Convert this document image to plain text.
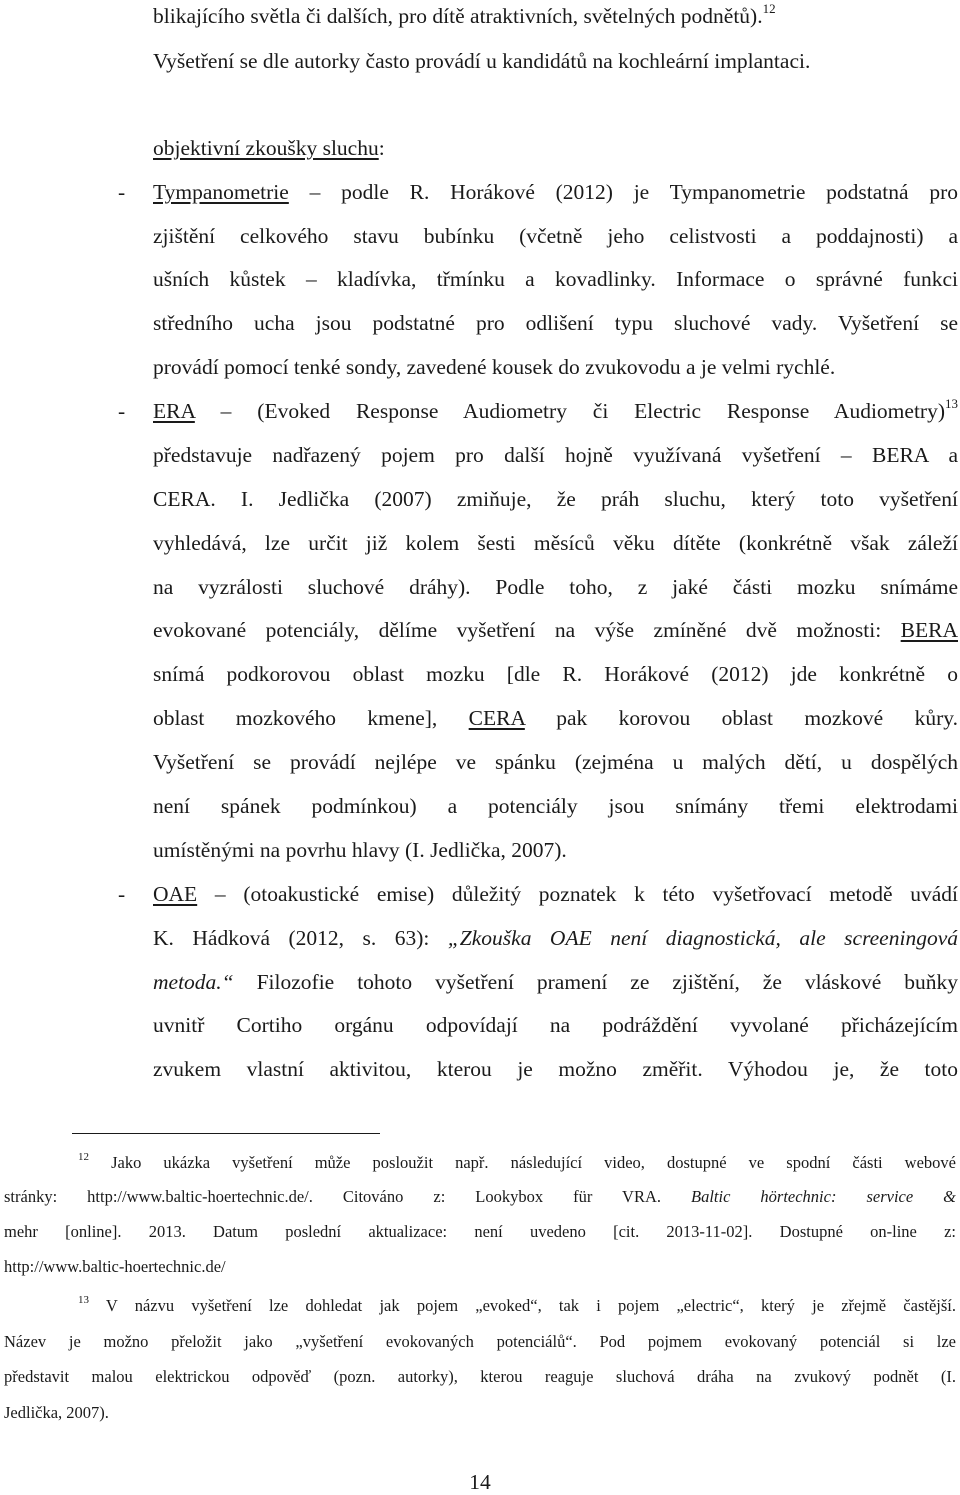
blikajícího světla či dalších, pro dítě atraktivních, světelných podnětů).$^{12}$
Vyšetření se dle autorky často provádí u kandidátů na kochleární implantaci.
objektivní zkoušky sluchu:
- Tympanometrie – podle R. Horákové (2012) je Tympanometrie podstatná pro
zjištění celkového stavu bubínku (včetně jeho celistvosti a poddajnosti) a
ušních kůstek – kladívka, třmínku a kovadlinky. Informace o správné funkci
středního ucha jsou podstatné pro odlišení typu sluchové vady. Vyšetření se
provádí pomocí tenké sondy, zavedené kousek do zvukovodu a je velmi rychlé.
- ERA – (Evoked Response Audiometry či Electric Response Audiometry)$^{13}$
představuje nadřazený pojem pro další hojně využívaná vyšetření – BERA a
CERA. I. Jedlička (2007) zmiňuje, že práh sluchu, který toto vyšetření
vyhledává, lze určit již kolem šesti měsíců věku dítěte (konkrétně však záleží
na vyzrálosti sluchové dráhy). Podle toho, z jaké části mozku snímáme
evokované potenciály, dělíme vyšetření na výše zmíněné dvě možnosti: BERA
snímá podkorovou oblast mozku [dle R. Horákové (2012) jde konkrétně o
oblast mozkového kmene], CERA pak korovou oblast mozkové kůry.
Vyšetření se provádí nejlépe ve spánku (zejména u malých dětí, u dospělých
není spánek podmínkou) a potenciály jsou snímány třemi elektrodami
umístěnými na povrhu hlavy (I. Jedlička, 2007).
- OAE – (otoakustické emise) důležitý poznatek k této vyšetřovací metodě uvádí
K. Hádková (2012, s. 63): „Zkouška OAE není diagnostická, ale screeningová
metoda.“ Filozofie tohoto vyšetření pramení ze zjištění, že vláskové buňky
uvnitř Cortiho orgánu odpovídají na podráždění vyvolané přicházejícím
zvukem vlastní aktivitou, kterou je možno změřit. Výhodou je, že toto
$^{12}$ Jako ukázka vyšetření může posloužit např. následující video, dostupné ve spodní části webové
stránky: http://www.baltic-hoertechnic.de/. Citováno z: Lookybox für VRA. Baltic hörtechnic: service &
mehr [online]. 2013. Datum poslední aktualizace: není uvedeno [cit. 2013-11-02]. Dostupné on-line z:
http://www.baltic-hoertechnic.de/
$^{13}$ V názvu vyšetření lze dohledat jak pojem „evoked“, tak i pojem „electric“, který je zřejmě častější.
Název je možno přeložit jako „vyšetření evokovaných potenciálů“. Pod pojmem evokovaný potenciál si lze
představit malou elektrickou odpověď (pozn. autorky), kterou reaguje sluchová dráha na zvukový podnět (I.
Jedlička, 2007).
14
